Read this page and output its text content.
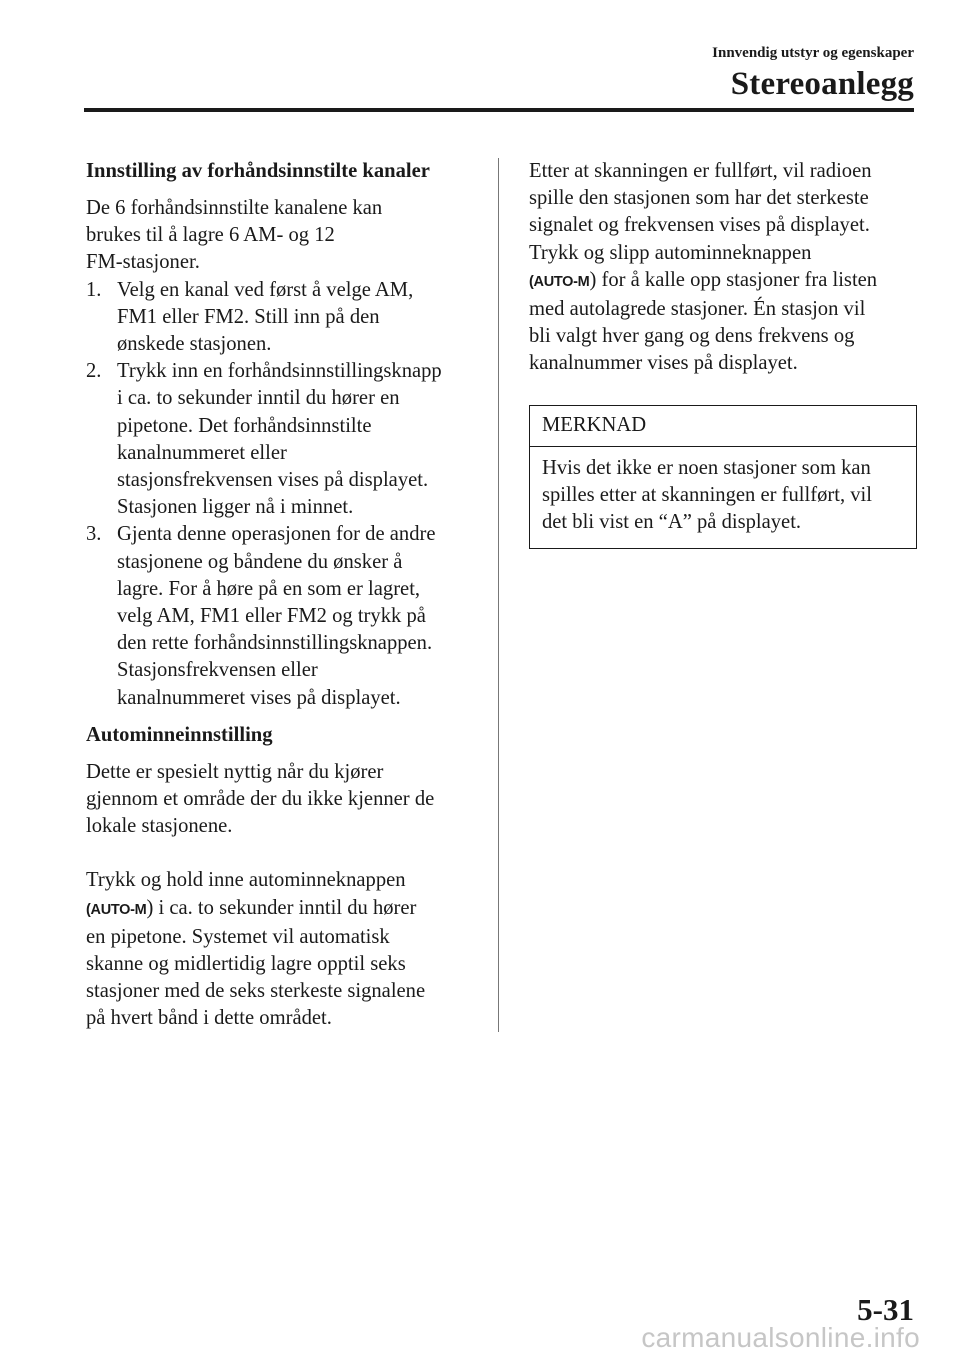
Innvendig utstyr og egenskaper
Stereoanlegg
Innstilling av forhåndsinnstilte kanaler

De 6 forhåndsinnstilte kanalene kan
brukes til å lagre 6 AM- og 12
FM-stasjoner.

1. Velg en kanal ved først å velge AM,
FM1 eller FM2. Still inn på den
ønskede stasjonen.
2. Trykk inn en forhåndsinnstillingsknapp
i ca. to sekunder inntil du hører en
pipetone. Det forhåndsinnstilte
kanalnummeret eller
stasjonsfrekvensen vises på displayet.
Stasjonen ligger nå i minnet.
3. Gjenta denne operasjonen for de andre
stasjonene og båndene du ønsker å
lagre. For å høre på en som er lagret,
velg AM, FM1 eller FM2 og trykk på
den rette forhåndsinnstillingsknappen.
Stasjonsfrekvensen eller
kanalnummeret vises på displayet.
Autominneinnstilling

Dette er spesielt nyttig når du kjører
gjennom et område der du ikke kjenner de
lokale stasjonene.

Trykk og hold inne autominneknappen
(AUTO-M) i ca. to sekunder inntil du hører
en pipetone. Systemet vil automatisk
skanne og midlertidig lagre opptil seks
stasjoner med de seks sterkeste signalene
på hvert bånd i dette området.

Etter at skanningen er fullført, vil radioen
spille den stasjonen som har det sterkeste
signalet og frekvensen vises på displayet.
Trykk og slipp autominneknappen
(AUTO-M) for å kalle opp stasjoner fra listen
med autolagrede stasjoner. Én stasjon vil
bli valgt hver gang og dens frekvens og
kanalnummer vises på displayet.

MERKNAD
Hvis det ikke er noen stasjoner som kan
spilles etter at skanningen er fullført, vil
det bli vist en “A” på displayet.
5-31
carmanualsonline.info
